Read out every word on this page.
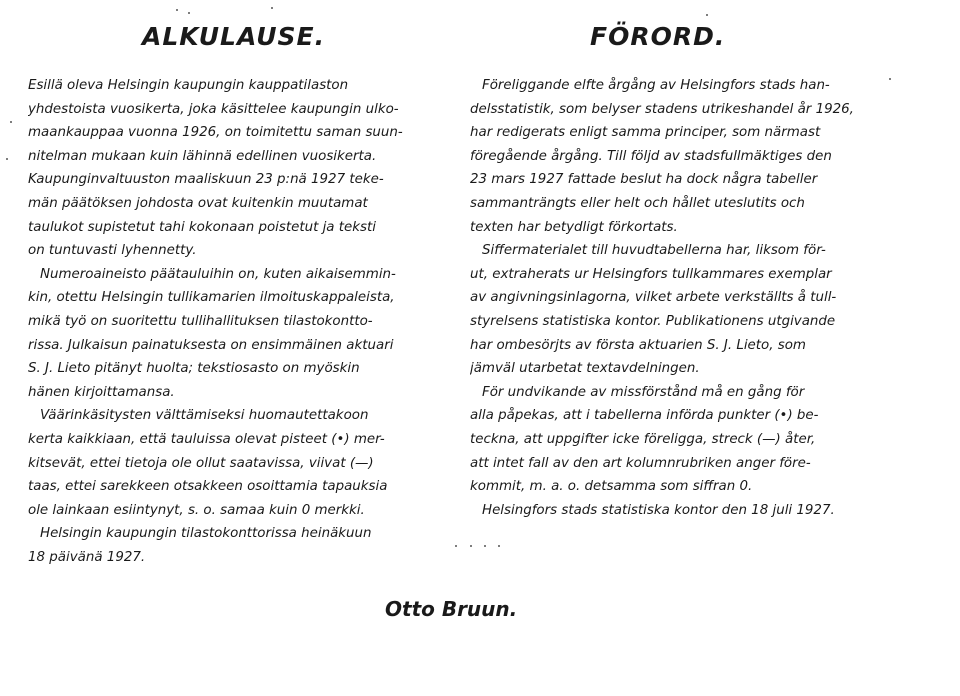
ALKULAUSE.
Esillä oleva Helsingin kaupungin kauppatilaston
yhdestoista vuosikerta, joka käsittelee kaupungin ulko-
maankauppaa vuonna 1926, on toimitettu saman suun-
nitelman mukaan kuin lähinnä edellinen vuosikerta.
Kaupunginvaltuuston maaliskuun 23 p:nä 1927 teke-
män päätöksen johdosta ovat kuitenkin muutamat
taulukot supistetut tahi kokonaan poistetut ja teksti
on tuntuvasti lyhennetty.
Numeroaineisto päätauluihin on, kuten aikaisemmin-
kin, otettu Helsingin tullikamarien ilmoituskappaleista,
mikä työ on suoritettu tullihallituksen tilastokontto-
rissa. Julkaisun painatuksesta on ensimmäinen aktuari
S. J. Lieto pitänyt huolta; tekstiosasto on myöskin
hänen kirjoittamansa.
Väärinkäsitysten välttämiseksi huomautettakoon
kerta kaikkiaan, että tauluissa olevat pisteet (•) mer-
kitsevät, ettei tietoja ole ollut saatavissa, viivat (—)
taas, ettei sarekkeen otsakkeen osoittamia tapauksia
ole lainkaan esiintynyt, s. o. samaa kuin 0 merkki.
Helsingin kaupungin tilastokonttorissa heinäkuun
18 päivänä 1927.
FÖRORD.
Föreliggande elfte årgång av Helsingfors stads han-
delsstatistik, som belyser stadens utrikeshandel år 1926,
har redigerats enligt samma principer, som närmast
föregående årgång. Till följd av stadsfullmäktiges den
23 mars 1927 fattade beslut ha dock några tabeller
sammanträngts eller helt och hållet uteslutits och
texten har betydligt förkortats.
Siffermaterialet till huvudtabellerna har, liksom för-
ut, extraherats ur Helsingfors tullkammares exemplar
av angivningsinlagorna, vilket arbete verkställts å tull-
styrelsens statistiska kontor. Publikationens utgivande
har ombesörjts av första aktuarien S. J. Lieto, som
jämväl utarbetat textavdelningen.
För undvikande av missförstånd må en gång för
alla påpekas, att i tabellerna införda punkter (•) be-
teckna, att uppgifter icke föreligga, streck (—) åter,
att intet fall av den art kolumnrubriken anger före-
kommit, m. a. o. detsamma som siffran 0.
Helsingfors stads statistiska kontor den 18 juli 1927.
Otto Bruun.
